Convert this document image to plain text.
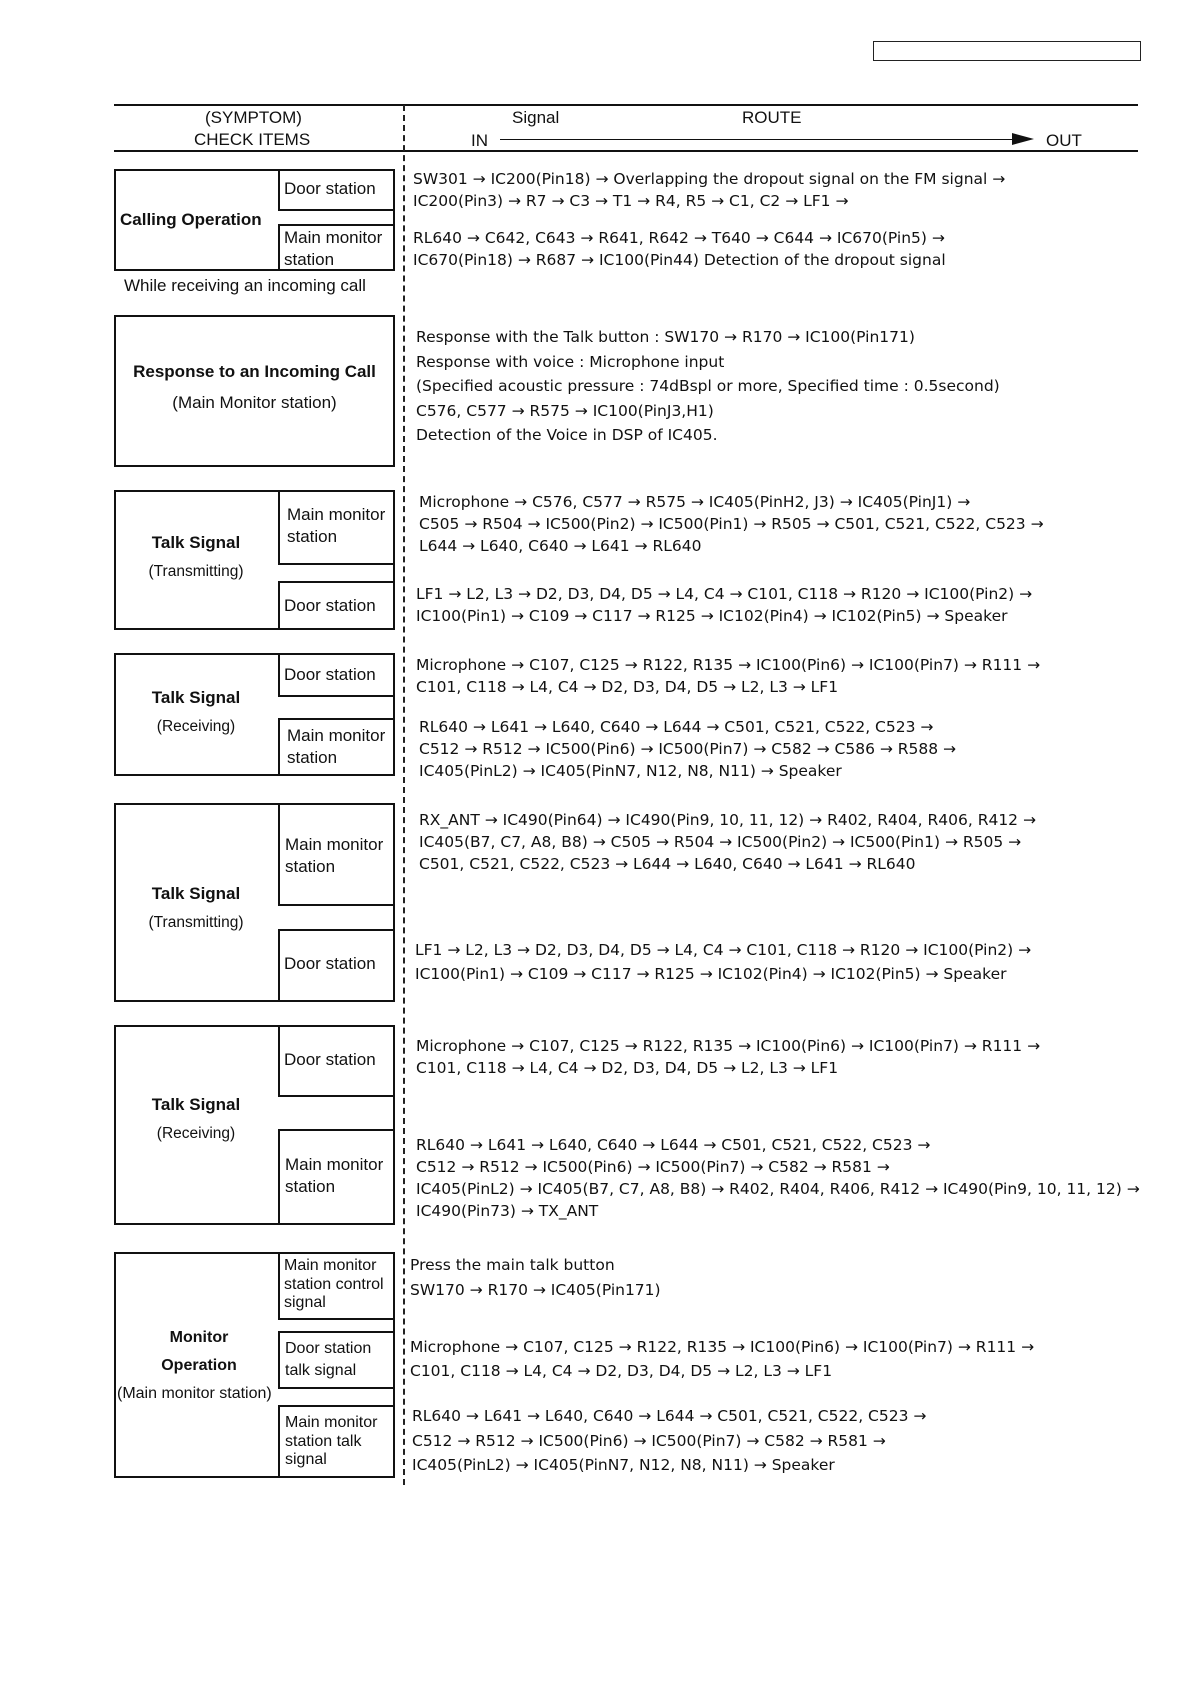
(SYMPTOM)
CHECK ITEMS
Signal	ROUTE
IN	OUT
Calling Operation
Door station
Main monitor
station
While receiving an incoming call
SW301 → IC200(Pin18) → Overlapping the dropout signal on the FM signal →
IC200(Pin3) → R7 → C3 → T1 → R4, R5 → C1, C2 → LF1 →
RL640 → C642, C643 → R641, R642 → T640 → C644 → IC670(Pin5) →
IC670(Pin18) → R687 → IC100(Pin44) Detection of the dropout signal
Response to an Incoming Call
(Main Monitor station)
Response with the Talk button : SW170 → R170 → IC100(Pin171)
Response with voice : Microphone input
(Specified acoustic pressure : 74dBspl or more, Specified time : 0.5second)
C576, C577 → R575 → IC100(PinJ3,H1)
Detection of the Voice in DSP of IC405.
Talk Signal
(Transmitting)
Main monitor
station
Door station
Microphone → C576, C577 → R575 → IC405(PinH2, J3) → IC405(PinJ1) →
C505 → R504 → IC500(Pin2) → IC500(Pin1) → R505 → C501, C521, C522, C523 →
L644 → L640, C640 → L641 → RL640
LF1 → L2, L3 → D2, D3, D4, D5 → L4, C4 → C101, C118 → R120 → IC100(Pin2) →
IC100(Pin1) → C109 → C117 → R125 → IC102(Pin4) → IC102(Pin5) → Speaker
Talk Signal
(Receiving)
Door station
Main monitor
station
Microphone → C107, C125 → R122, R135 → IC100(Pin6) → IC100(Pin7) → R111 →
C101, C118 → L4, C4 → D2, D3, D4, D5 → L2, L3 → LF1
RL640 → L641 → L640, C640 → L644 → C501, C521, C522, C523 →
C512 → R512 → IC500(Pin6) → IC500(Pin7) → C582 → C586 → R588 →
IC405(PinL2) → IC405(PinN7, N12, N8, N11) → Speaker
Talk Signal
(Transmitting)
Main monitor
station
Door station
RX_ANT → IC490(Pin64) → IC490(Pin9, 10, 11, 12) → R402, R404, R406, R412 →
IC405(B7, C7, A8, B8) → C505 → R504 → IC500(Pin2) → IC500(Pin1) → R505 →
C501, C521, C522, C523 → L644 → L640, C640 → L641 → RL640
LF1 → L2, L3 → D2, D3, D4, D5 → L4, C4 → C101, C118 → R120 → IC100(Pin2) →
IC100(Pin1) → C109 → C117 → R125 → IC102(Pin4) → IC102(Pin5) → Speaker
Talk Signal
(Receiving)
Door station
Main monitor
station
Microphone → C107, C125 → R122, R135 → IC100(Pin6) → IC100(Pin7) → R111 →
C101, C118 → L4, C4 → D2, D3, D4, D5 → L2, L3 → LF1
RL640 → L641 → L640, C640 → L644 → C501, C521, C522, C523 →
C512 → R512 → IC500(Pin6) → IC500(Pin7) → C582 → R581 →
IC405(PinL2) → IC405(B7, C7, A8, B8) → R402, R404, R406, R412 → IC490(Pin9, 10, 11, 12) →
IC490(Pin73) → TX_ANT
Monitor
Operation
(Main monitor station)
Main monitor
station control
signal
Door station
talk signal
Main monitor
station talk
signal
Press the main talk button
SW170 → R170 → IC405(Pin171)
Microphone → C107, C125 → R122, R135 → IC100(Pin6) → IC100(Pin7) → R111 →
C101, C118 → L4, C4 → D2, D3, D4, D5 → L2, L3 → LF1
RL640 → L641 → L640, C640 → L644 → C501, C521, C522, C523 →
C512 → R512 → IC500(Pin6) → IC500(Pin7) → C582 → R581 →
IC405(PinL2) → IC405(PinN7, N12, N8, N11) → Speaker
